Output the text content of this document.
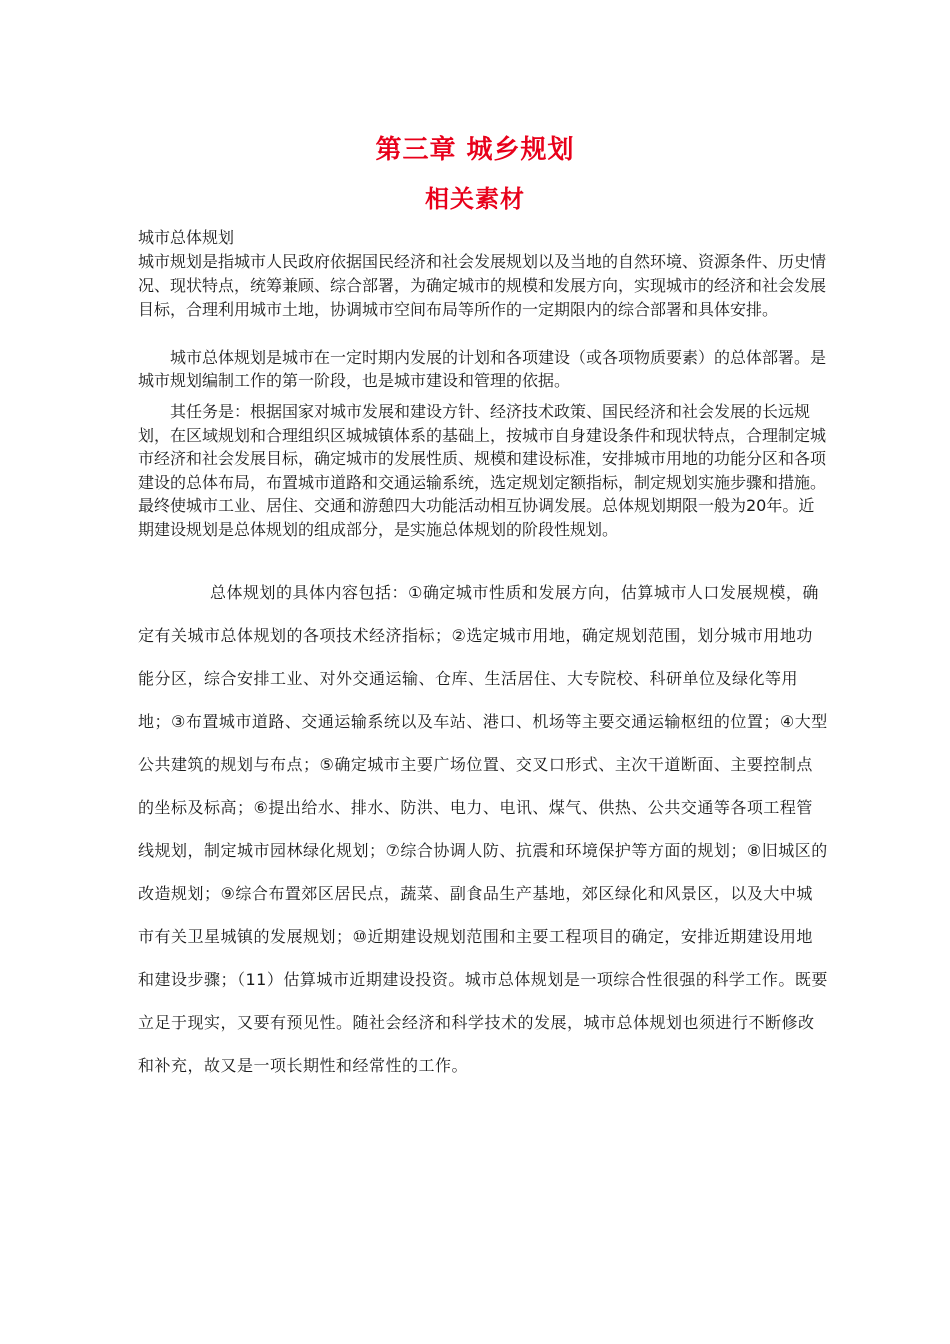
第三章 城乡规划
相关素材

城市总体规划

城市规划是指城市人民政府依据国民经济和社会发展规划以及当地的自然环境、资源条件、历史情况、现状特点，统筹兼顾、综合部署，为确定城市的规模和发展方向，实现城市的经济和社会发展目标，合理利用城市土地，协调城市空间布局等所作的一定期限内的综合部署和具体安排。

城市总体规划是城市在一定时期内发展的计划和各项建设（或各项物质要素）的总体部署。是城市规划编制工作的第一阶段，也是城市建设和管理的依据。

其任务是：根据国家对城市发展和建设方针、经济技术政策、国民经济和社会发展的长远规划，在区域规划和合理组织区城城镇体系的基础上，按城市自身建设条件和现状特点，合理制定城市经济和社会发展目标，确定城市的发展性质、规模和建设标准，安排城市用地的功能分区和各项建设的总体布局，布置城市道路和交通运输系统，选定规划定额指标，制定规划实施步骤和措施。最终使城市工业、居住、交通和游憩四大功能活动相互协调发展。总体规划期限一般为20年。近期建设规划是总体规划的组成部分，是实施总体规划的阶段性规划。

总体规划的具体内容包括：①确定城市性质和发展方向，估算城市人口发展规模，确定有关城市总体规划的各项技术经济指标；②选定城市用地，确定规划范围，划分城市用地功能分区，综合安排工业、对外交通运输、仓库、生活居住、大专院校、科研单位及绿化等用地；③布置城市道路、交通运输系统以及车站、港口、机场等主要交通运输枢纽的位置；④大型公共建筑的规划与布点；⑤确定城市主要广场位置、交叉口形式、主次干道断面、主要控制点的坐标及标高；⑥提出给水、排水、防洪、电力、电讯、煤气、供热、公共交通等各项工程管线规划，制定城市园林绿化规划；⑦综合协调人防、抗震和环境保护等方面的规划；⑧旧城区的改造规划；⑨综合布置郊区居民点，蔬菜、副食品生产基地，郊区绿化和风景区，以及大中城市有关卫星城镇的发展规划；⑩近期建设规划范围和主要工程项目的确定，安排近期建设用地和建设步骤；（11）估算城市近期建设投资。城市总体规划是一项综合性很强的科学工作。既要立足于现实，又要有预见性。随社会经济和科学技术的发展，城市总体规划也须进行不断修改和补充，故又是一项长期性和经常性的工作。
